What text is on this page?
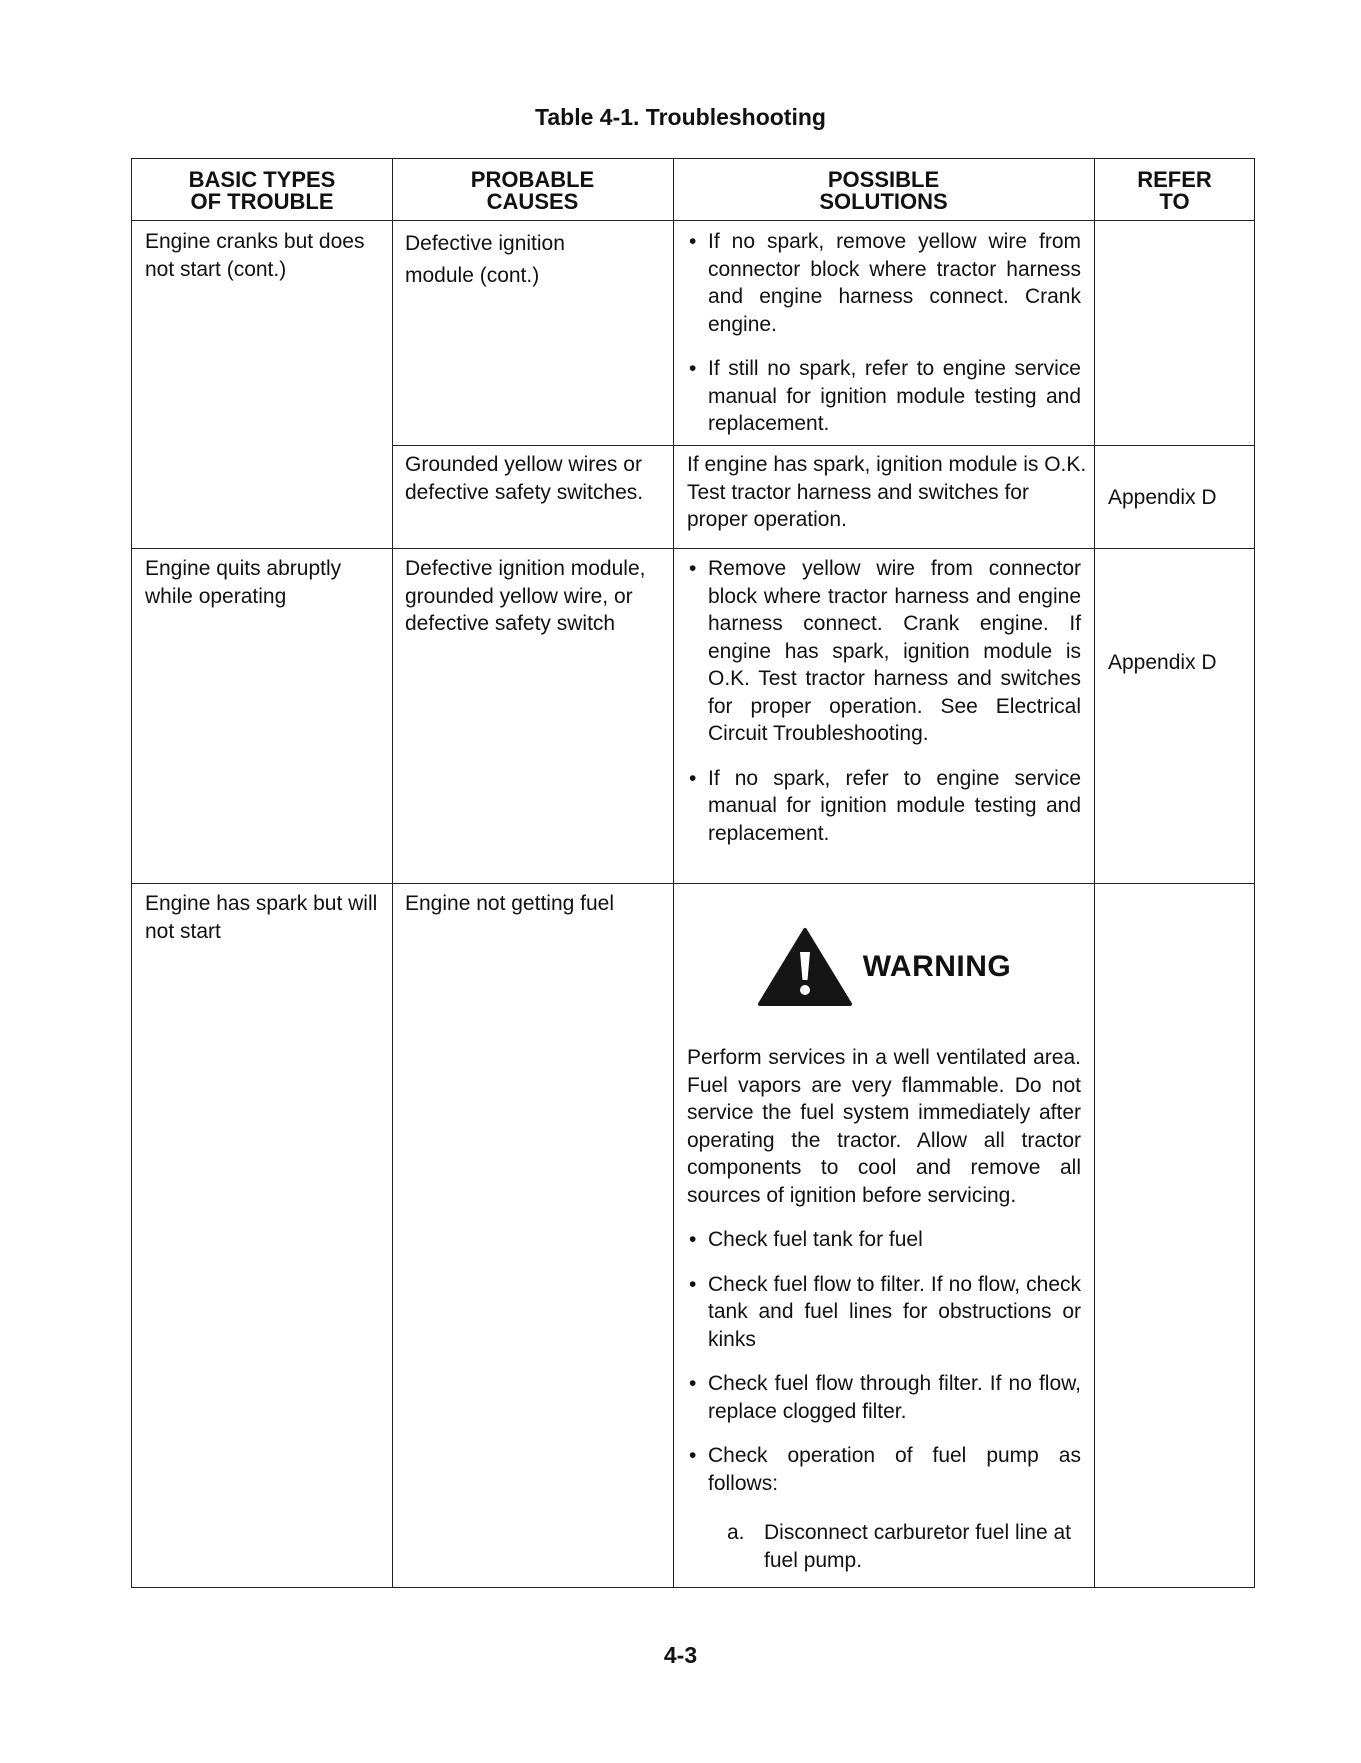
Table 4-1. Troubleshooting
BASIC TYPES
OF TROUBLE
PROBABLE
CAUSES
POSSIBLE
SOLUTIONS
REFER
TO

Engine cranks but does not start (cont.)

Defective ignition module (cont.)

• If no spark, remove yellow wire from connector block where tractor harness and engine harness connect. Crank engine.
• If still no spark, refer to engine service manual for ignition module testing and replacement.

Grounded yellow wires or defective safety switches.

If engine has spark, ignition module is O.K. Test tractor harness and switches for proper operation.

Appendix D

Engine quits abruptly while operating

Defective ignition module, grounded yellow wire, or defective safety switch

• Remove yellow wire from connector block where tractor harness and engine harness connect. Crank engine. If engine has spark, ignition module is O.K. Test tractor harness and switches for proper operation. See Electrical Circuit Troubleshooting.
• If no spark, refer to engine service manual for ignition module testing and replacement.
Appendix D

Engine has spark but will not start

Engine not getting fuel

WARNING

Perform services in a well ventilated area. Fuel vapors are very flammable. Do not service the fuel system immediately after operating the tractor. Allow all tractor components to cool and remove all sources of ignition before servicing.

• Check fuel tank for fuel
• Check fuel flow to filter. If no flow, check tank and fuel lines for obstructions or kinks
• Check fuel flow through filter. If no flow, replace clogged filter.
• Check operation of fuel pump as follows:
a. Disconnect carburetor fuel line at fuel pump.
4-3
